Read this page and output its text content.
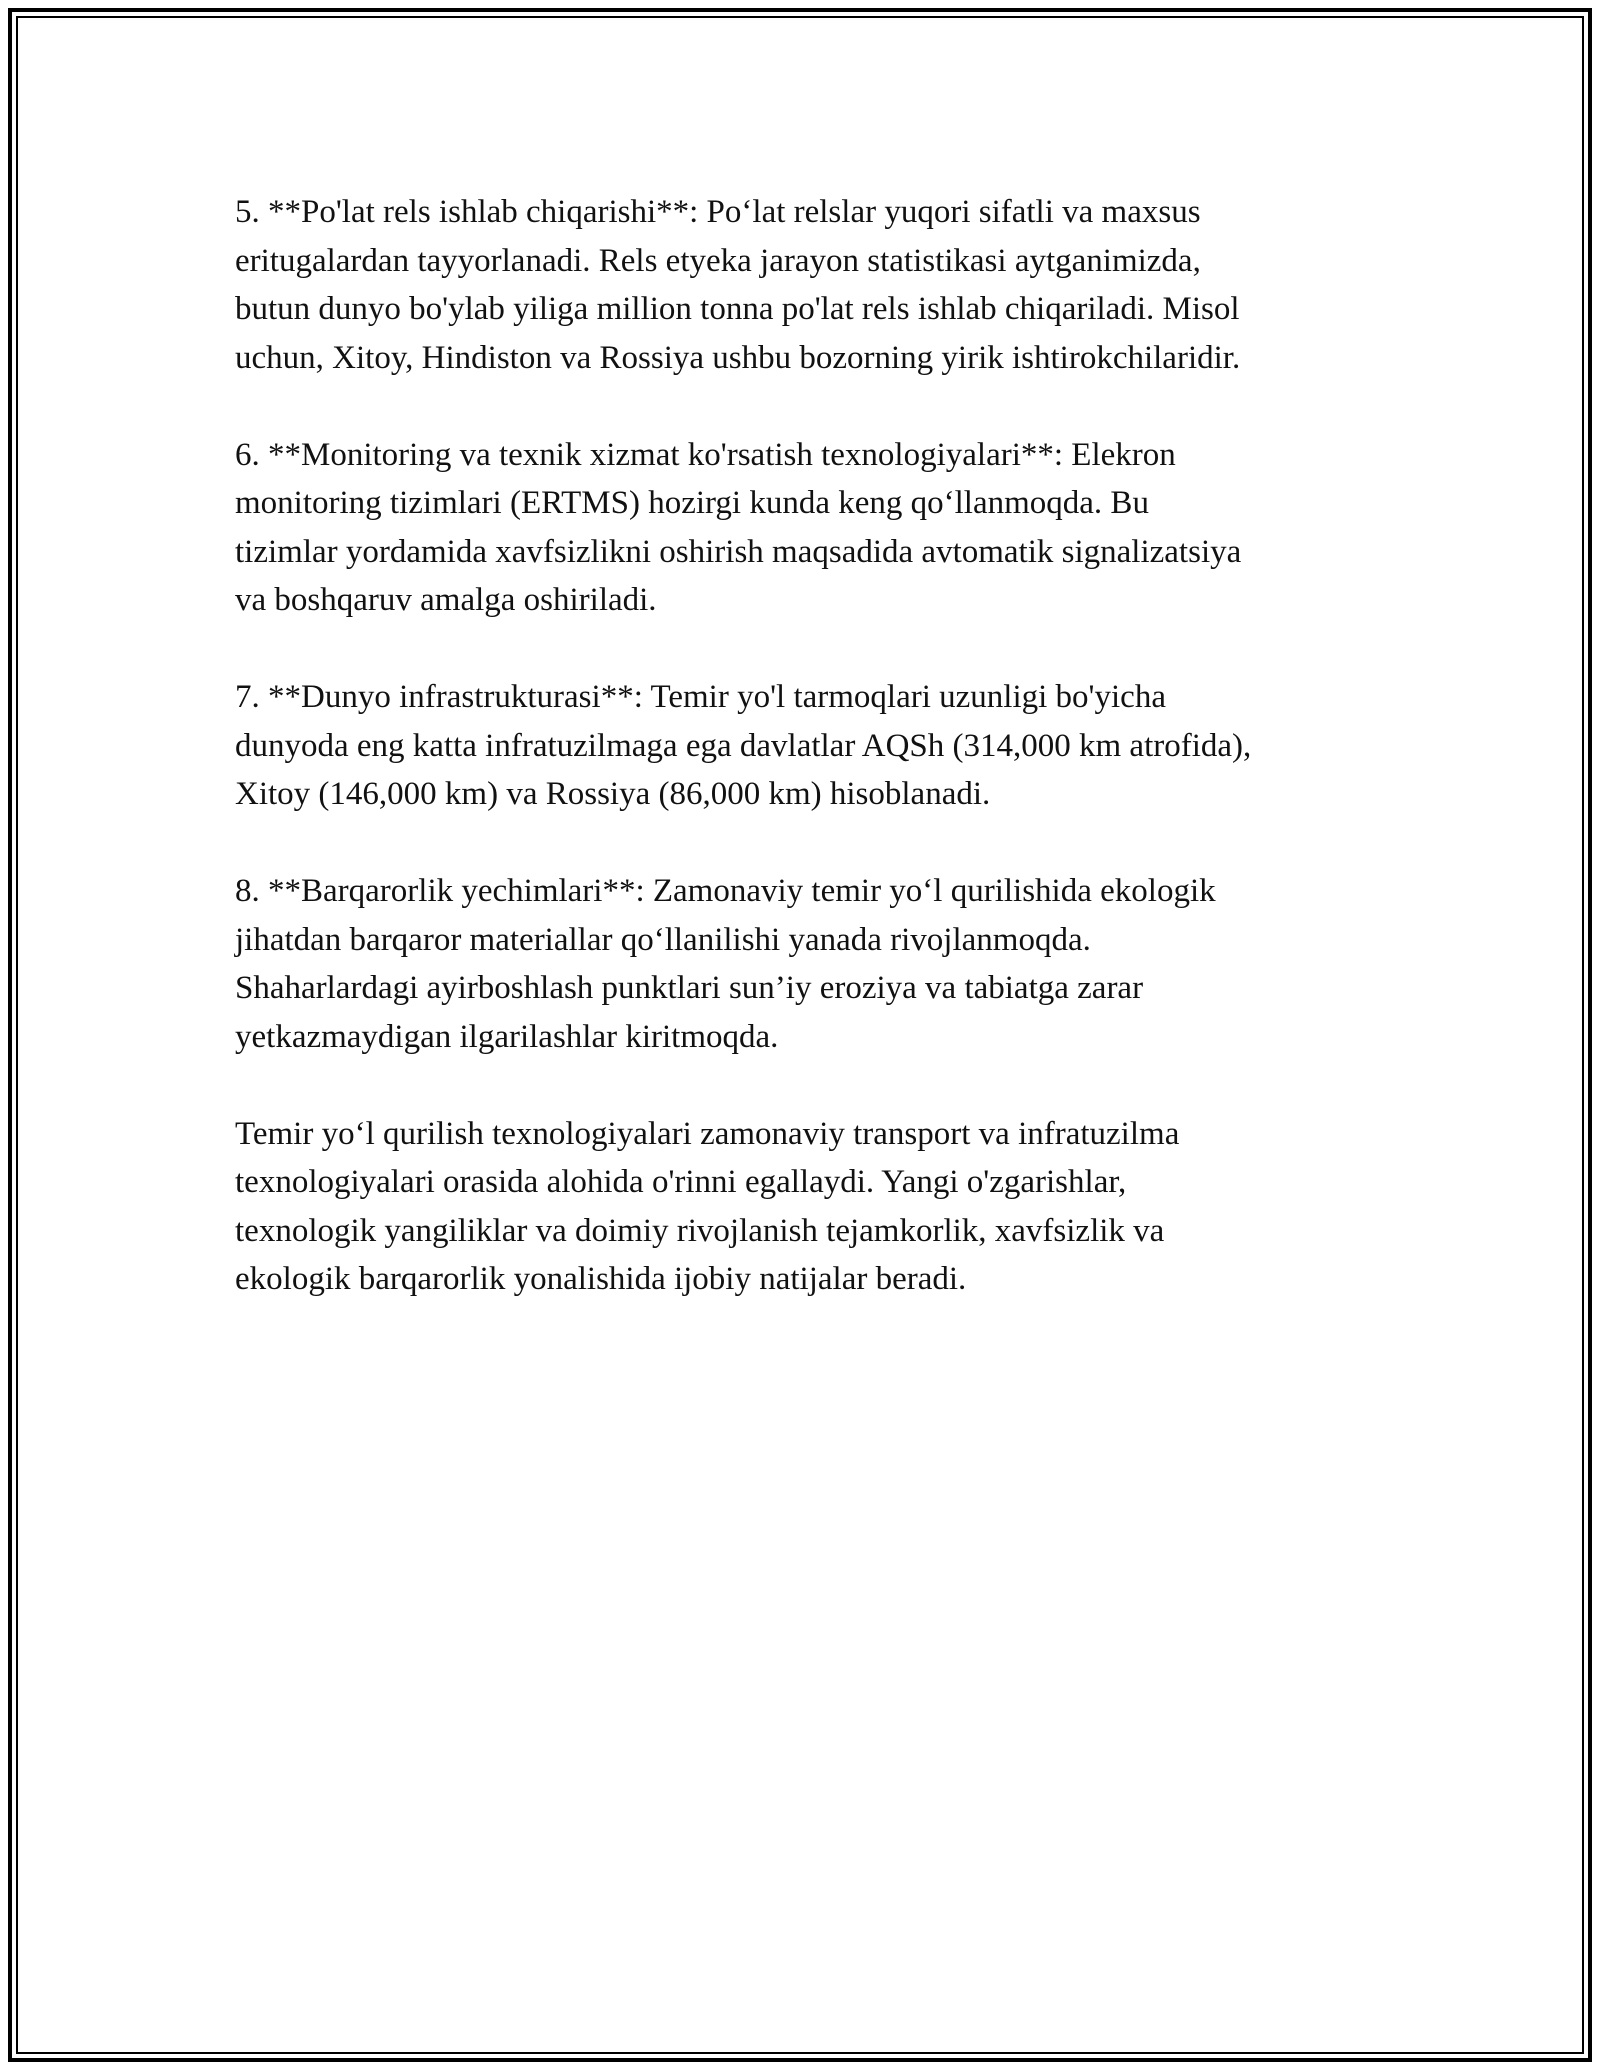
5. **Po'lat rels ishlab chiqarishi**: Po‘lat relslar yuqori sifatli va maxsus
eritugalardan tayyorlanadi. Rels etyeka jarayon statistikasi aytganimizda,
butun dunyo bo'ylab yiliga million tonna po'lat rels ishlab chiqariladi. Misol
uchun, Xitoy, Hindiston va Rossiya ushbu bozorning yirik ishtirokchilaridir.

6. **Monitoring va texnik xizmat ko'rsatish texnologiyalari**: Elekron
monitoring tizimlari (ERTMS) hozirgi kunda keng qo‘llanmoqda. Bu
tizimlar yordamida xavfsizlikni oshirish maqsadida avtomatik signalizatsiya
va boshqaruv amalga oshiriladi.

7. **Dunyo infrastrukturasi**: Temir yo'l tarmoqlari uzunligi bo'yicha
dunyoda eng katta infratuzilmaga ega davlatlar AQSh (314,000 km atrofida),
Xitoy (146,000 km) va Rossiya (86,000 km) hisoblanadi.

8. **Barqarorlik yechimlari**: Zamonaviy temir yo‘l qurilishida ekologik
jihatdan barqaror materiallar qo‘llanilishi yanada rivojlanmoqda.
Shaharlardagi ayirboshlash punktlari sun’iy eroziya va tabiatga zarar
yetkazmaydigan ilgarilashlar kiritmoqda.

Temir yo‘l qurilish texnologiyalari zamonaviy transport va infratuzilma
texnologiyalari orasida alohida o'rinni egallaydi. Yangi o'zgarishlar,
texnologik yangiliklar va doimiy rivojlanish tejamkorlik, xavfsizlik va
ekologik barqarorlik yonalishida ijobiy natijalar beradi.
